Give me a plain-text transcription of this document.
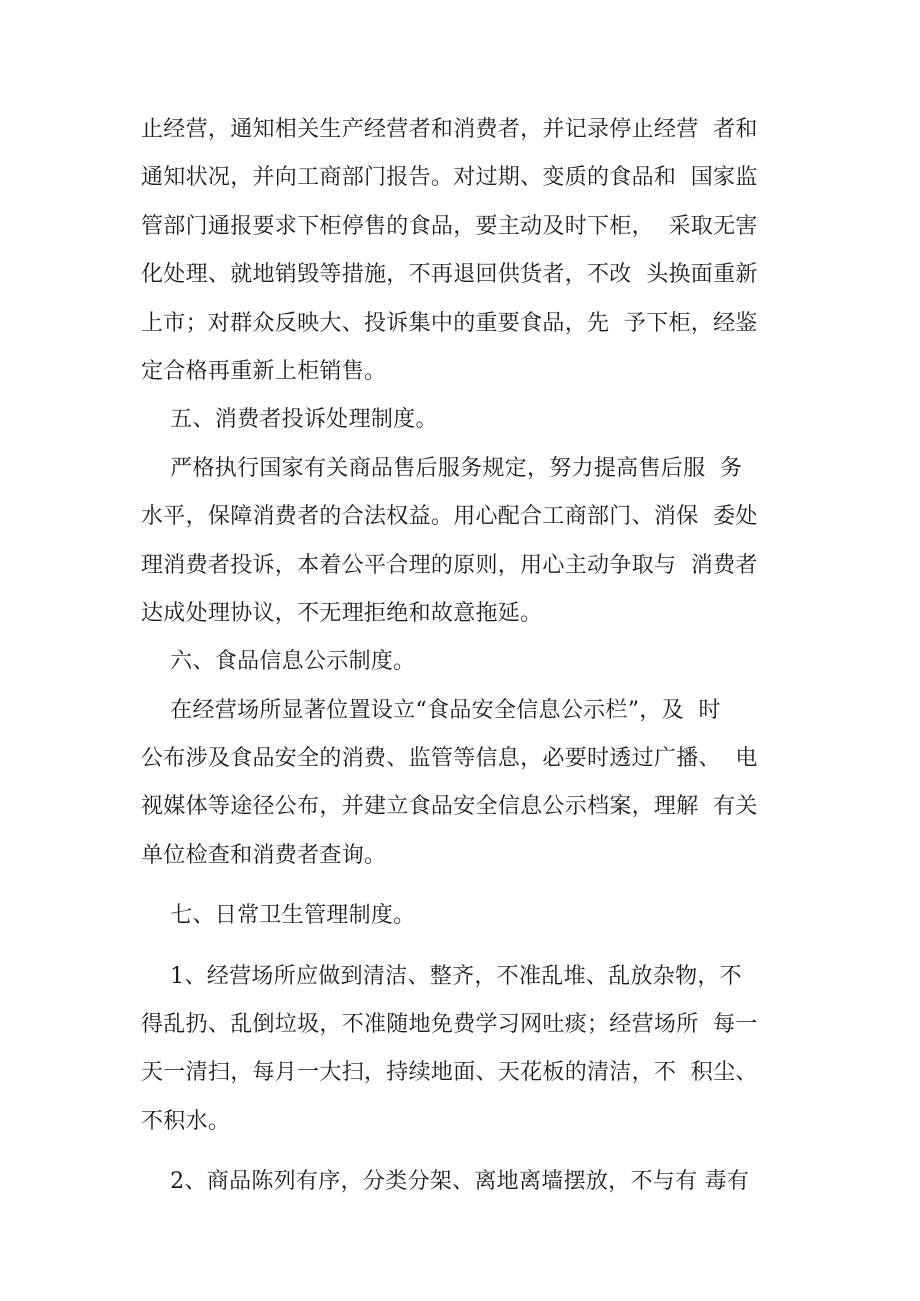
止经营，通知相关生产经营者和消费者，并记录停止经营  者和
通知状况，并向工商部门报告。对过期、变质的食品和  国家监
管部门通报要求下柜停售的食品，要主动及时下柜，  采取无害
化处理、就地销毁等措施，不再退回供货者，不改  头换面重新
上市；对群众反映大、投诉集中的重要食品，先  予下柜，经鉴
定合格再重新上柜销售。
五、消费者投诉处理制度。
严格执行国家有关商品售后服务规定，努力提高售后服  务
水平，保障消费者的合法权益。用心配合工商部门、消保  委处
理消费者投诉，本着公平合理的原则，用心主动争取与  消费者
达成处理协议，不无理拒绝和故意拖延。
六、食品信息公示制度。
在经营场所显著位置设立“食品安全信息公示栏”，及  时
公布涉及食品安全的消费、监管等信息，必要时透过广播、  电
视媒体等途径公布，并建立食品安全信息公示档案，理解  有关
单位检查和消费者查询。
七、日常卫生管理制度。
1、经营场所应做到清洁、整齐，不准乱堆、乱放杂物，不
得乱扔、乱倒垃圾，不准随地免费学习网吐痰；经营场所  每一
天一清扫，每月一大扫，持续地面、天花板的清洁，不  积尘、
不积水。
2、商品陈列有序，分类分架、离地离墙摆放，不与有 毒有
